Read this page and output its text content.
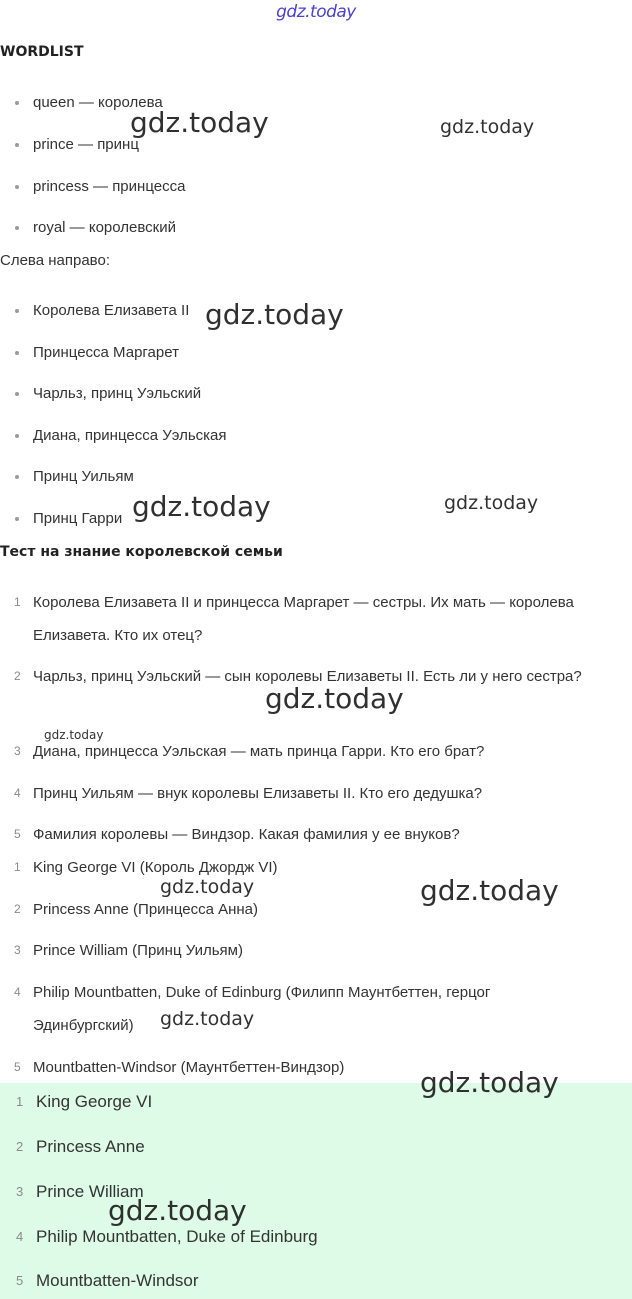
gdz.today
WORDLIST
queen — королева
prince — принц
princess — принцесса
royal — королевский
Слева направо:
Королева Елизавета II
Принцесса Маргарет
Чарльз, принц Уэльский
Диана, принцесса Уэльская
Принц Уильям
Принц Гарри
Тест на знание королевской семьи
1 Королева Елизавета II и принцесса Маргарет — сестры. Их мать — королева Елизавета. Кто их отец?
2 Чарльз, принц Уэльский — сын королевы Елизаветы II. Есть ли у него сестра?
3 Диана, принцесса Уэльская — мать принца Гарри. Кто его брат?
4 Принц Уильям — внук королевы Елизаветы II. Кто его дедушка?
5 Фамилия королевы — Виндзор. Какая фамилия у ее внуков?
1 King George VI (Король Джордж VI)
2 Princess Anne (Принцесса Анна)
3 Prince William (Принц Уильям)
4 Philip Mountbatten, Duke of Edinburg (Филипп Маунтбеттен, герцог Эдинбургский)
5 Mountbatten-Windsor (Маунтбеттен-Виндзор)
1 King George VI
2 Princess Anne
3 Prince William
4 Philip Mountbatten, Duke of Edinburg
5 Mountbatten-Windsor
gdz.today	gdz.today
gdz.today
gdz.today	gdz.today
gdz.today
gdz.today
gdz.today	gdz.today
gdz.today
gdz.today
gdz.today
